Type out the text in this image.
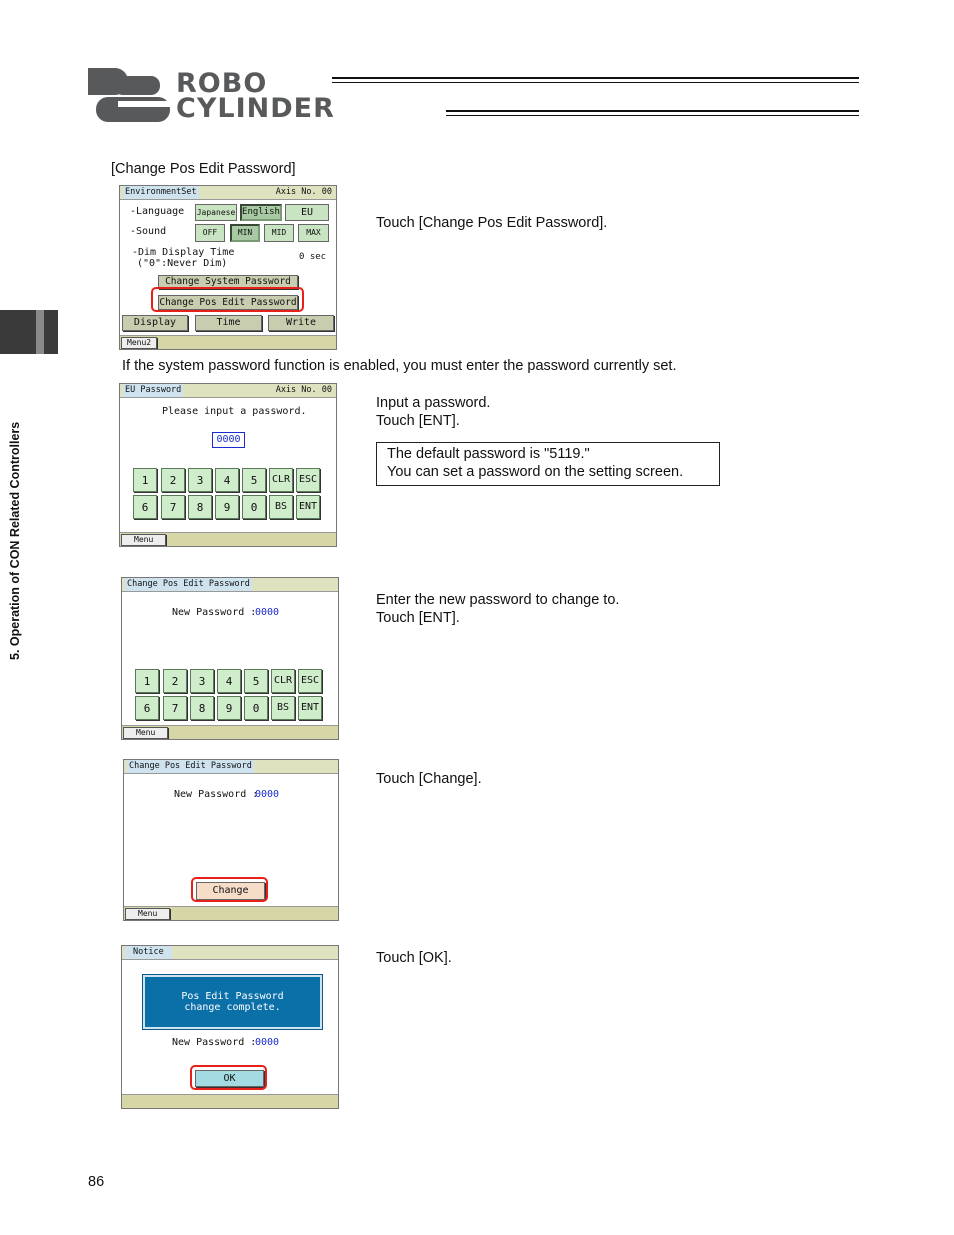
ROBO
CYLINDER
5. Operation of CON Related Controllers
[Change Pos Edit Password]
EnvironmentSet	Axis No. 00
-Language Japanese English	EU
-Sound	OFF	MIN	MID	MAX
-Dim Display Time
("0":Never Dim)
0 sec
Change System Password
Change Pos Edit Password
Display	Time	Write
Menu2
Touch [Change Pos Edit Password].
If the system password function is enabled, you must enter the password currently set.
EU Password	Axis No. 00
Please input a password.
0000
1	2	3	4	5	CLR ESC
6	7	8	9	0	BS	ENT
Menu
Input a password.
Touch [ENT].
The default password is "5119."
You can set a password on the setting screen.
Change Pos Edit Password
New Password :
0000
1	2	3	4	5	CLR ESC
6	7	8	9	0	BS	ENT
Menu
Enter the new password to change to.
Touch [ENT].
Change Pos Edit Password
New Password :
0000
Change
Menu
Touch [Change].
Notice
Pos Edit Password
change complete.
New Password :
0000
OK
Touch [OK].
86
